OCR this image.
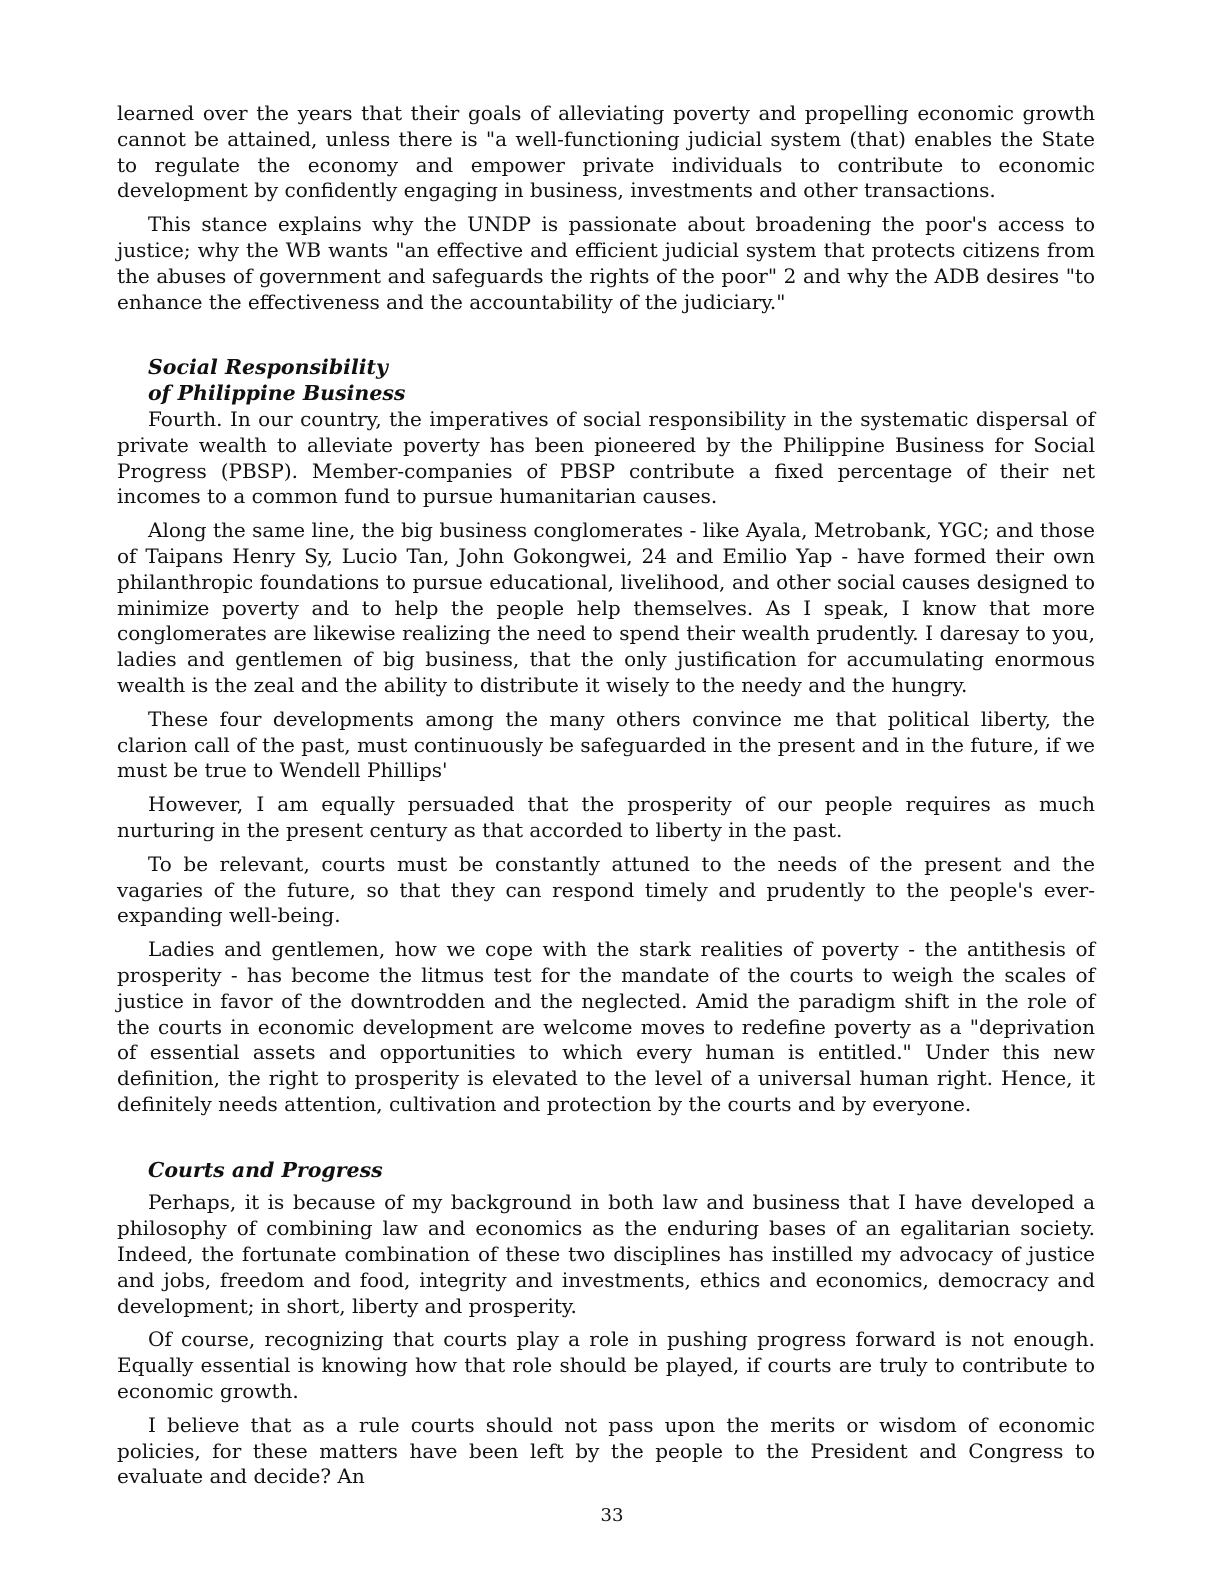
learned over the years that their goals of alleviating poverty and propelling economic growth cannot be attained, unless there is "a well-functioning judicial system (that) enables the State to regulate the economy and empower private individuals to contribute to economic development by confidently engaging in business, investments and other transactions.

This stance explains why the UNDP is passionate about broadening the poor's access to justice; why the WB wants "an effective and efficient judicial system that protects citizens from the abuses of government and safeguards the rights of the poor" 2 and why the ADB desires "to enhance the effectiveness and the accountability of the judiciary."

Social Responsibility
of Philippine Business

Fourth. In our country, the imperatives of social responsibility in the systematic dispersal of private wealth to alleviate poverty has been pioneered by the Philippine Business for Social Progress (PBSP). Member-companies of PBSP contribute a fixed percentage of their net incomes to a common fund to pursue humanitarian causes.

Along the same line, the big business conglomerates - like Ayala, Metrobank, YGC; and those of Taipans Henry Sy, Lucio Tan, John Gokongwei, 24 and Emilio Yap - have formed their own philanthropic foundations to pursue educational, livelihood, and other social causes designed to minimize poverty and to help the people help themselves. As I speak, I know that more conglomerates are likewise realizing the need to spend their wealth prudently. I daresay to you, ladies and gentlemen of big business, that the only justification for accumulating enormous wealth is the zeal and the ability to distribute it wisely to the needy and the hungry.

These four developments among the many others convince me that political liberty, the clarion call of the past, must continuously be safeguarded in the present and in the future, if we must be true to Wendell Phillips'

However, I am equally persuaded that the prosperity of our people requires as much nurturing in the present century as that accorded to liberty in the past.

To be relevant, courts must be constantly attuned to the needs of the present and the vagaries of the future, so that they can respond timely and prudently to the people's ever-expanding well-being.

Ladies and gentlemen, how we cope with the stark realities of poverty - the antithesis of prosperity - has become the litmus test for the mandate of the courts to weigh the scales of justice in favor of the downtrodden and the neglected. Amid the paradigm shift in the role of the courts in economic development are welcome moves to redefine poverty as a "deprivation of essential assets and opportunities to which every human is entitled." Under this new definition, the right to prosperity is elevated to the level of a universal human right. Hence, it definitely needs attention, cultivation and protection by the courts and by everyone.

Courts and Progress

Perhaps, it is because of my background in both law and business that I have developed a philosophy of combining law and economics as the enduring bases of an egalitarian society. Indeed, the fortunate combination of these two disciplines has instilled my advocacy of justice and jobs, freedom and food, integrity and investments, ethics and economics, democracy and development; in short, liberty and prosperity.

Of course, recognizing that courts play a role in pushing progress forward is not enough. Equally essential is knowing how that role should be played, if courts are truly to contribute to economic growth.

I believe that as a rule courts should not pass upon the merits or wisdom of economic policies, for these matters have been left by the people to the President and Congress to evaluate and decide? An

33
